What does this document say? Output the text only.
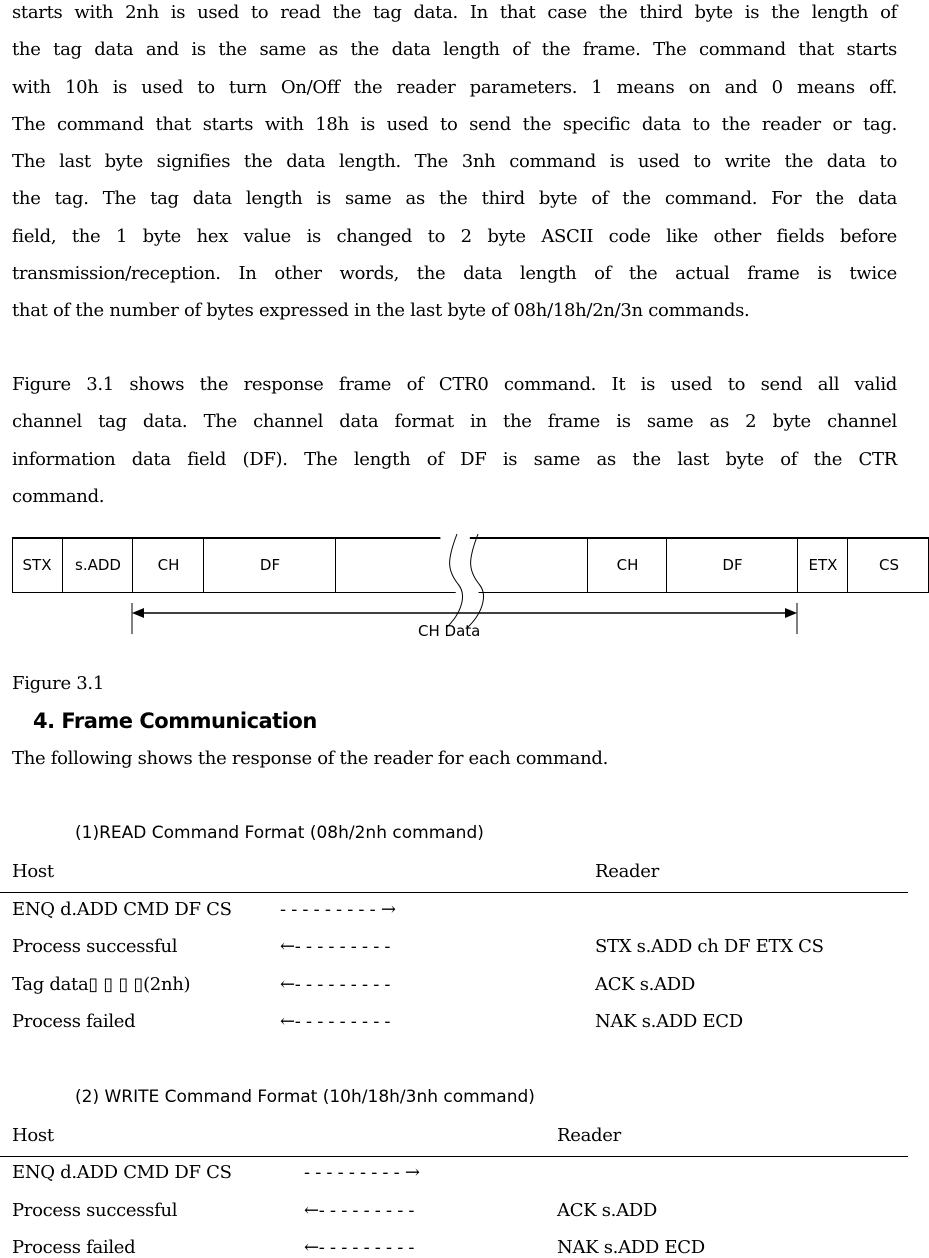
starts with 2nh is used to read the tag data. In that case the third byte is the length of
the tag data and is the same as the data length of the frame. The command that starts
with 10h is used to turn On/Off the reader parameters. 1 means on and 0 means off.
The command that starts with 18h is used to send the specific data to the reader or tag.
The last byte signifies the data length. The 3nh command is used to write the data to
the tag. The tag data length is same as the third byte of the command. For the data
field, the 1 byte hex value is changed to 2 byte ASCII code like other fields before
transmission/reception. In other words, the data length of the actual frame is twice
that of the number of bytes expressed in the last byte of 08h/18h/2n/3n commands.
Figure 3.1 shows the response frame of CTR0 command. It is used to send all valid
channel tag data. The channel data format in the frame is same as 2 byte channel
information data field (DF). The length of DF is same as the last byte of the CTR
command.
STX	s.ADD	CH	DF	CH	DF	ETX	CS
CH Data
Figure 3.1
4. Frame Communication
The following shows the response of the reader for each command.
(1)READ Command Format (08h/2nh command)
Host	Reader
ENQ d.ADD CMD DF CS	- - - - - - - - - →
Process successful	←- - - - - - - - -	STX s.ADD ch DF ETX CS
Tag data▯ ▯ ▯ ▯(2nh)	←- - - - - - - - -	ACK s.ADD
Process failed	←- - - - - - - - -	NAK s.ADD ECD
(2) WRITE Command Format (10h/18h/3nh command)
Host	Reader
ENQ d.ADD CMD DF CS	- - - - - - - - - →
Process successful	←- - - - - - - - -	ACK s.ADD
Process failed	←- - - - - - - - -	NAK s.ADD ECD
